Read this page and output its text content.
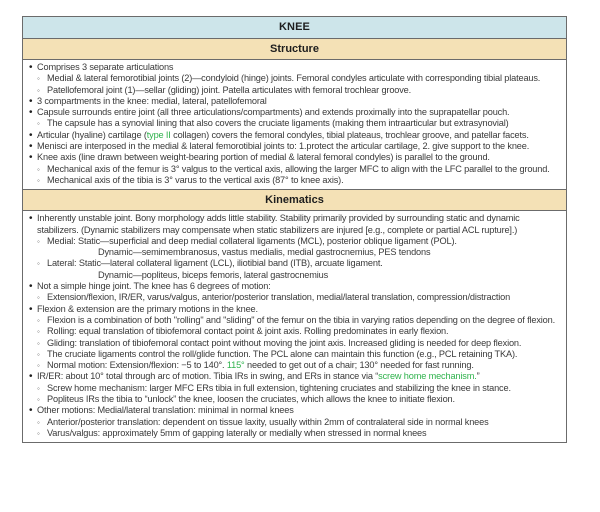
KNEE
Structure
• Comprises 3 separate articulations
◦ Medial & lateral femorotibial joints (2)—condyloid (hinge) joints. Femoral condyles articulate with corresponding tibial plateaus.
◦ Patellofemoral joint (1)—sellar (gliding) joint. Patella articulates with femoral trochlear groove.
• 3 compartments in the knee: medial, lateral, patellofemoral
• Capsule surrounds entire joint (all three articulations/compartments) and extends proximally into the suprapatellar pouch.
◦ The capsule has a synovial lining that also covers the cruciate ligaments (making them intraarticular but extrasynovial)
• Articular (hyaline) cartilage (type II collagen) covers the femoral condyles, tibial plateaus, trochlear groove, and patellar facets.
• Menisci are interposed in the medial & lateral femorotibial joints to: 1.protect the articular cartilage, 2. give support to the knee.
• Knee axis (line drawn between weight-bearing portion of medial & lateral femoral condyles) is parallel to the ground.
◦ Mechanical axis of the femur is 3° valgus to the vertical axis, allowing the larger MFC to align with the LFC parallel to the ground.
◦ Mechanical axis of the tibia is 3° varus to the vertical axis (87° to knee axis).
Kinematics
• Inherently unstable joint. Bony morphology adds little stability. Stability primarily provided by surrounding static and dynamic stabilizers. (Dynamic stabilizers may compensate when static stabilizers are injured [e.g., complete or partial ACL rupture].)
◦ Medial: Static—superficial and deep medial collateral ligaments (MCL), posterior oblique ligament (POL).
Dynamic—semimembranosus, vastus medialis, medial gastrocnemius, PES tendons
◦ Lateral: Static—lateral collateral ligament (LCL), iliotibial band (ITB), arcuate ligament.
Dynamic—popliteus, biceps femoris, lateral gastrocnemius
• Not a simple hinge joint. The knee has 6 degrees of motion:
◦ Extension/flexion, IR/ER, varus/valgus, anterior/posterior translation, medial/lateral translation, compression/distraction
• Flexion & extension are the primary motions in the knee.
◦ Flexion is a combination of both "rolling" and "sliding" of the femur on the tibia in varying ratios depending on the degree of flexion.
◦ Rolling: equal translation of tibiofemoral contact point & joint axis. Rolling predominates in early flexion.
◦ Gliding: translation of tibiofemoral contact point without moving the joint axis. Increased gliding is needed for deep flexion.
◦ The cruciate ligaments control the roll/glide function. The PCL alone can maintain this function (e.g., PCL retaining TKA).
◦ Normal motion: Extension/flexion: −5 to 140°. 115° needed to get out of a chair; 130° needed for fast running.
• IR/ER: about 10° total through arc of motion. Tibia IRs in swing, and ERs in stance via “screw home mechanism.”
◦ Screw home mechanism: larger MFC ERs tibia in full extension, tightening cruciates and stabilizing the knee in stance.
◦ Popliteus IRs the tibia to “unlock” the knee, loosen the cruciates, which allows the knee to initiate flexion.
• Other motions: Medial/lateral translation: minimal in normal knees
◦ Anterior/posterior translation: dependent on tissue laxity, usually within 2mm of contralateral side in normal knees
◦ Varus/valgus: approximately 5mm of gapping laterally or medially when stressed in normal knees
